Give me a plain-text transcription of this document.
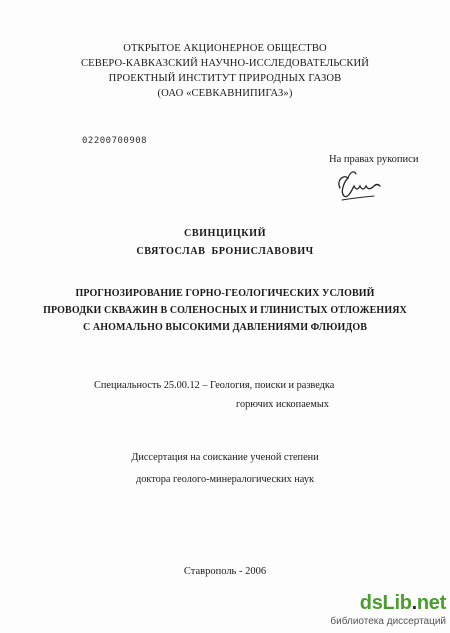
ОТКРЫТОЕ АКЦИОНЕРНОЕ ОБЩЕСТВО
СЕВЕРО-КАВКАЗСКИЙ НАУЧНО-ИССЛЕДОВАТЕЛЬСКИЙ
ПРОЕКТНЫЙ ИНСТИТУТ ПРИРОДНЫХ ГАЗОВ
(ОАО «СЕВКАВНИПИГАЗ»)
02200700908
На правах рукописи
СВИНЦИЦКИЙ
СВЯТОСЛАВ  БРОНИСЛАВОВИЧ
ПРОГНОЗИРОВАНИЕ ГОРНО-ГЕОЛОГИЧЕСКИХ УСЛОВИЙ
ПРОВОДКИ СКВАЖИН В СОЛЕНОСНЫХ И ГЛИНИСТЫХ ОТЛОЖЕНИЯХ
С АНОМАЛЬНО ВЫСОКИМИ ДАВЛЕНИЯМИ ФЛЮИДОВ
Специальность 25.00.12 – Геология, поиски и разведка
горючих ископаемых
Диссертация на соискание ученой степени
доктора геолого-минералогических наук
Ставрополь - 2006
dsLib.net
библиотека диссертаций
